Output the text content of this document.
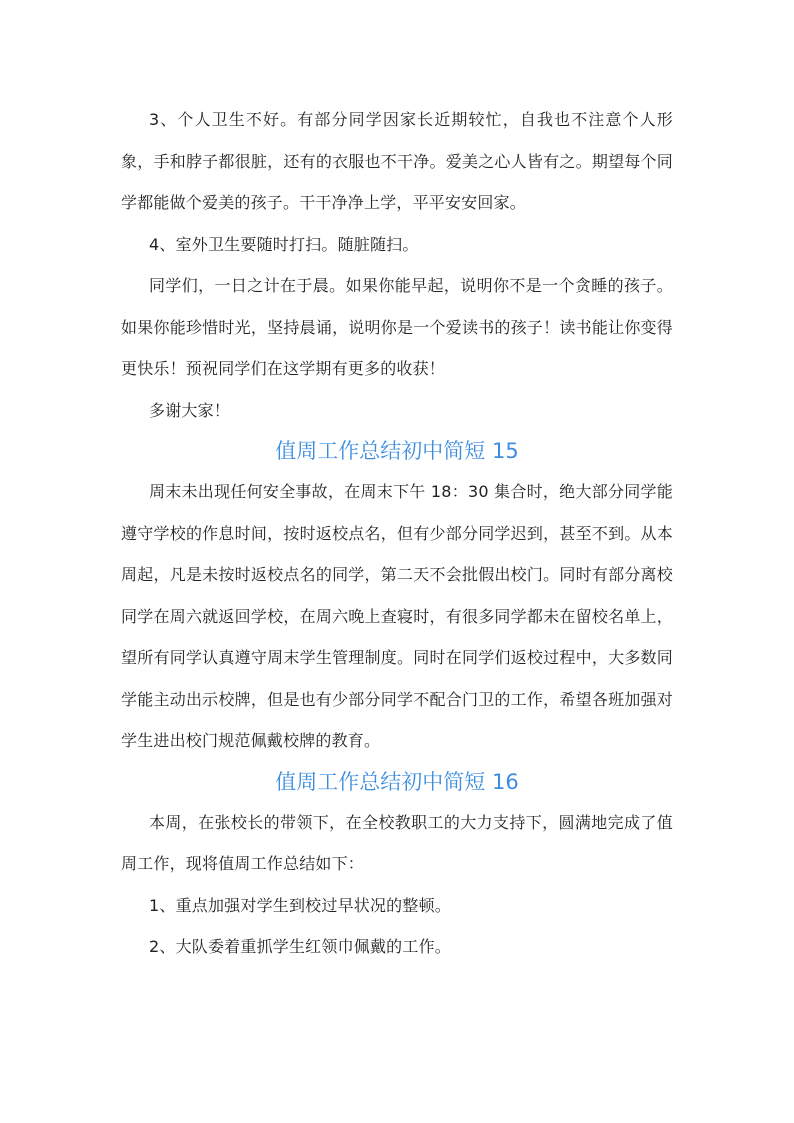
3、个人卫生不好。有部分同学因家长近期较忙，自我也不注意个人形象，手和脖子都很脏，还有的衣服也不干净。爱美之心人皆有之。期望每个同学都能做个爱美的孩子。干干净净上学，平平安安回家。

4、室外卫生要随时打扫。随脏随扫。

同学们，一日之计在于晨。如果你能早起，说明你不是一个贪睡的孩子。如果你能珍惜时光，坚持晨诵，说明你是一个爱读书的孩子！读书能让你变得更快乐！预祝同学们在这学期有更多的收获！

多谢大家！

值周工作总结初中简短 15

周末未出现任何安全事故，在周末下午 18：30 集合时，绝大部分同学能遵守学校的作息时间，按时返校点名，但有少部分同学迟到，甚至不到。从本周起，凡是未按时返校点名的同学，第二天不会批假出校门。同时有部分离校同学在周六就返回学校，在周六晚上查寝时，有很多同学都未在留校名单上，望所有同学认真遵守周末学生管理制度。同时在同学们返校过程中，大多数同学能主动出示校牌，但是也有少部分同学不配合门卫的工作，希望各班加强对学生进出校门规范佩戴校牌的教育。

值周工作总结初中简短 16

本周，在张校长的带领下，在全校教职工的大力支持下，圆满地完成了值周工作，现将值周工作总结如下：

1、重点加强对学生到校过早状况的整顿。

2、大队委着重抓学生红领巾佩戴的工作。
